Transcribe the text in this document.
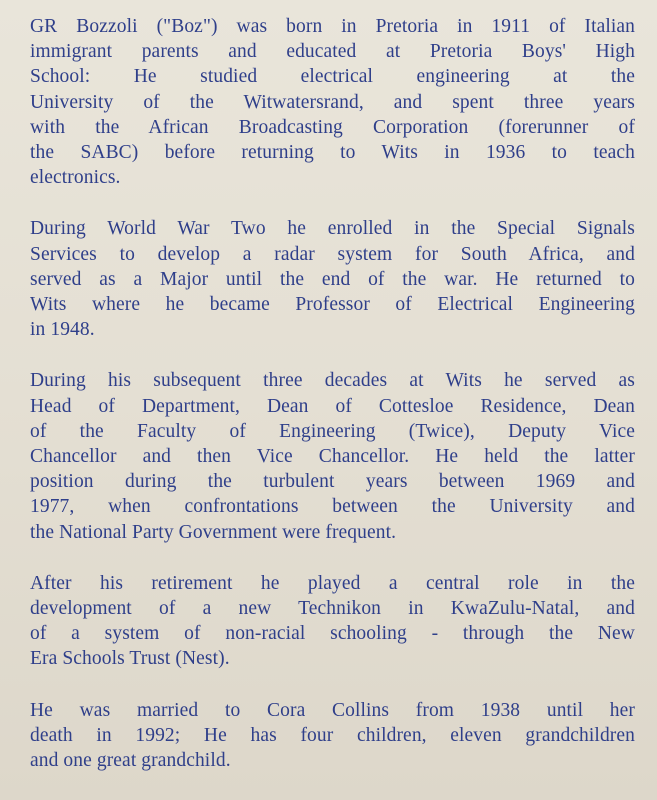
GR Bozzoli ("Boz") was born in Pretoria in 1911 of Italian
immigrant parents and educated at Pretoria Boys' High
School: He studied electrical engineering at the
University of the Witwatersrand, and spent three years
with the African Broadcasting Corporation (forerunner of
the SABC) before returning to Wits in 1936 to teach
electronics.
During World War Two he enrolled in the Special Signals
Services to develop a radar system for South Africa, and
served as a Major until the end of the war. He returned to
Wits where he became Professor of Electrical Engineering
in 1948.
During his subsequent three decades at Wits he served as
Head of Department, Dean of Cottesloe Residence, Dean
of the Faculty of Engineering (Twice), Deputy Vice
Chancellor and then Vice Chancellor. He held the latter
position during the turbulent years between 1969 and
1977, when confrontations between the University and
the National Party Government were frequent.
After his retirement he played a central role in the
development of a new Technikon in KwaZulu-Natal, and
of a system of non-racial schooling - through the New
Era Schools Trust (Nest).
He was married to Cora Collins from 1938 until her
death in 1992; He has four children, eleven grandchildren
and one great grandchild.
